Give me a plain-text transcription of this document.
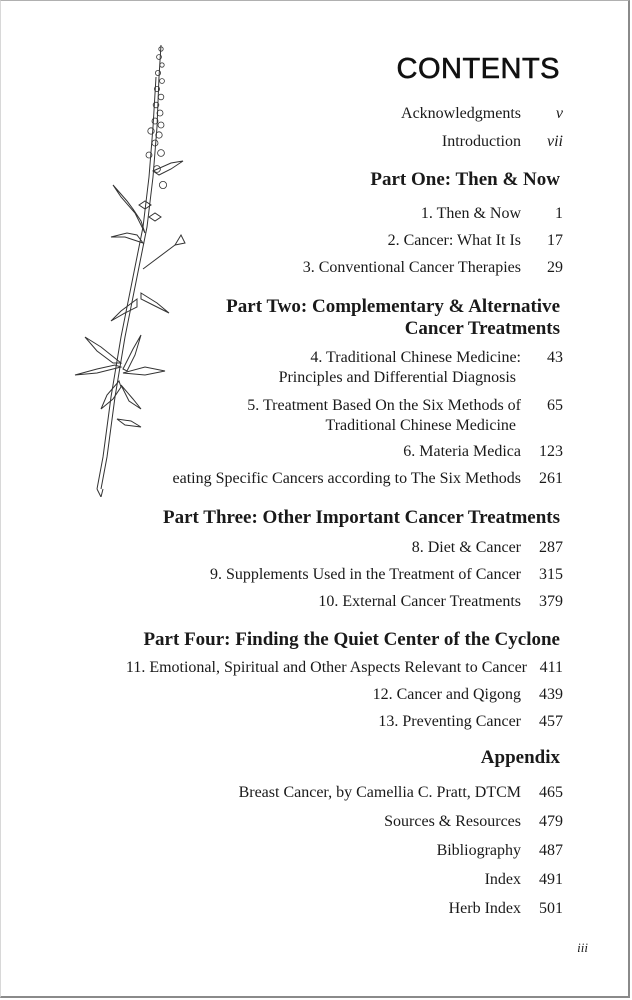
CONTENTS
Acknowledgments v
Introduction vii
Part One: Then & Now
1. Then & Now 1
2. Cancer: What It Is 17
3. Conventional Cancer Therapies 29
Part Two: Complementary & Alternative
Cancer Treatments
4. Traditional Chinese Medicine: 43
Principles and Differential Diagnosis
5. Treatment Based On the Six Methods of 65
Traditional Chinese Medicine
6. Materia Medica 123
eating Specific Cancers according to The Six Methods 261
Part Three: Other Important Cancer Treatments
8. Diet & Cancer 287
9. Supplements Used in the Treatment of Cancer 315
10. External Cancer Treatments 379
Part Four: Finding the Quiet Center of the Cyclone
11. Emotional, Spiritual and Other Aspects Relevant to Cancer 411
12. Cancer and Qigong 439
13. Preventing Cancer 457
Appendix
Breast Cancer, by Camellia C. Pratt, DTCM 465
Sources & Resources 479
Bibliography 487
Index 491
Herb Index 501
iii
